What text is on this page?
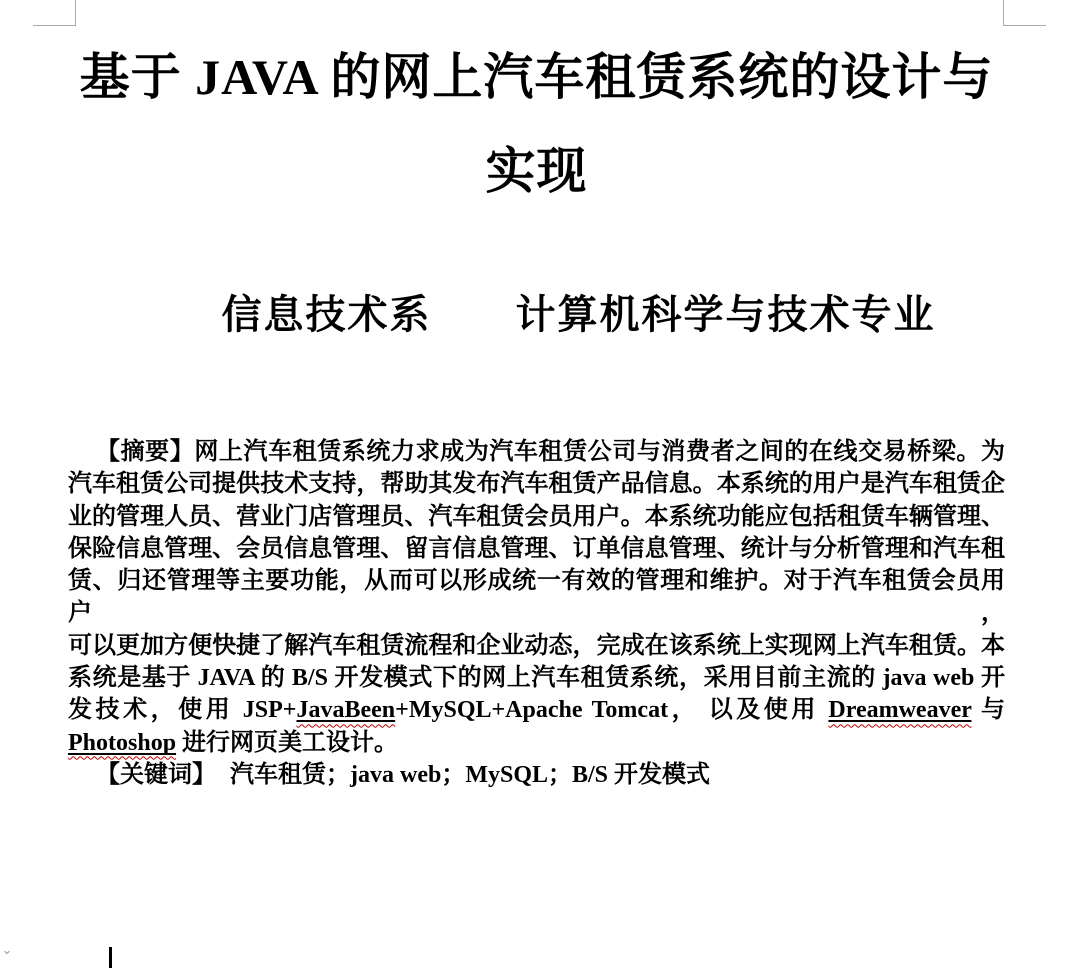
基于 JAVA 的网上汽车租赁系统的设计与
实现
信息技术系 计算机科学与技术专业
【摘要】网上汽车租赁系统力求成为汽车租赁公司与消费者之间的在线交易桥梁。为
汽车租赁公司提供技术支持，帮助其发布汽车租赁产品信息。本系统的用户是汽车租赁企
业的管理人员、营业门店管理员、汽车租赁会员用户。本系统功能应包括租赁车辆管理、
保险信息管理、会员信息管理、留言信息管理、订单信息管理、统计与分析管理和汽车租
赁、归还管理等主要功能，从而可以形成统一有效的管理和维护。对于汽车租赁会员用户，
可以更加方便快捷了解汽车租赁流程和企业动态，完成在该系统上实现网上汽车租赁。本
系统是基于 JAVA 的 B/S 开发模式下的网上汽车租赁系统，采用目前主流的 java web 开
发技术，使用 JSP+JavaBeen+MySQL+Apache Tomcat， 以及使用 Dreamweaver 与
Photoshop 进行网页美工设计。
【关键词】 汽车租赁；java web；MySQL；B/S 开发模式
⌄
